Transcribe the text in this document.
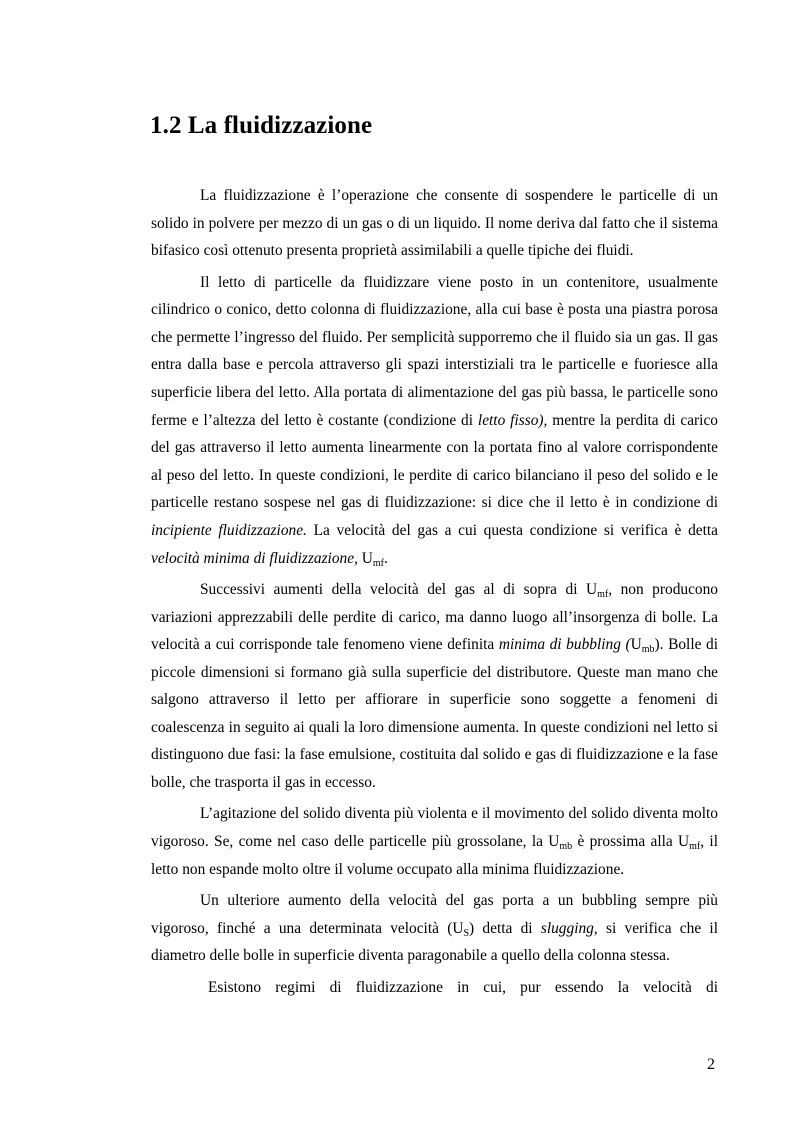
1.2 La fluidizzazione

La fluidizzazione è l’operazione che consente di sospendere le particelle di un solido in polvere per mezzo di un gas o di un liquido. Il nome deriva dal fatto che il sistema bifasico così ottenuto presenta proprietà assimilabili a quelle tipiche dei fluidi.

Il letto di particelle da fluidizzare viene posto in un contenitore, usualmente cilindrico o conico, detto colonna di fluidizzazione, alla cui base è posta una piastra porosa che permette l’ingresso del fluido. Per semplicità supporremo che il fluido sia un gas. Il gas entra dalla base e percola attraverso gli spazi interstiziali tra le particelle e fuoriesce alla superficie libera del letto. Alla portata di alimentazione del gas più bassa, le particelle sono ferme e l’altezza del letto è costante (condizione di letto fisso), mentre la perdita di carico del gas attraverso il letto aumenta linearmente con la portata fino al valore corrispondente al peso del letto. In queste condizioni, le perdite di carico bilanciano il peso del solido e le particelle restano sospese nel gas di fluidizzazione: si dice che il letto è in condizione di incipiente fluidizzazione. La velocità del gas a cui questa condizione si verifica è detta velocità minima di fluidizzazione, $U_{mf}$.

Successivi aumenti della velocità del gas al di sopra di $U_{mf}$, non producono variazioni apprezzabili delle perdite di carico, ma danno luogo all’insorgenza di bolle. La velocità a cui corrisponde tale fenomeno viene definita minima di bubbling $(U_{mb})$. Bolle di piccole dimensioni si formano già sulla superficie del distributore. Queste man mano che salgono attraverso il letto per affiorare in superficie sono soggette a fenomeni di coalescenza in seguito ai quali la loro dimensione aumenta. In queste condizioni nel letto si distinguono due fasi: la fase emulsione, costituita dal solido e gas di fluidizzazione e la fase bolle, che trasporta il gas in eccesso.

L’agitazione del solido diventa più violenta e il movimento del solido diventa molto vigoroso. Se, come nel caso delle particelle più grossolane, la $U_{mb}$ è prossima alla $U_{mf}$, il letto non espande molto oltre il volume occupato alla minima fluidizzazione.

Un ulteriore aumento della velocità del gas porta a un bubbling sempre più vigoroso, finché a una determinata velocità $(U_S)$ detta di slugging, si verifica che il diametro delle bolle in superficie diventa paragonabile a quello della colonna stessa.

Esistono regimi di fluidizzazione in cui, pur essendo la velocità di

2
